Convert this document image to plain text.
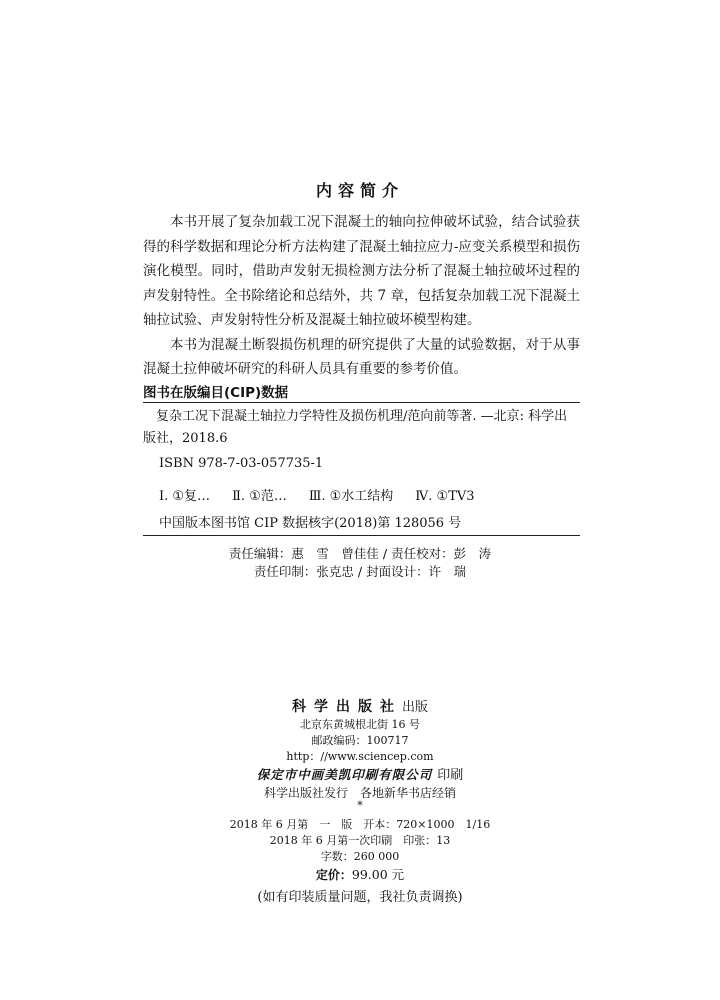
内容简介

本书开展了复杂加载工况下混凝土的轴向拉伸破坏试验，结合试验获得的科学数据和理论分析方法构建了混凝土轴拉应力-应变关系模型和损伤演化模型。同时，借助声发射无损检测方法分析了混凝土轴拉破坏过程的声发射特性。全书除绪论和总结外，共 7 章，包括复杂加载工况下混凝土轴拉试验、声发射特性分析及混凝土轴拉破坏模型构建。

本书为混凝土断裂损伤机理的研究提供了大量的试验数据，对于从事混凝土拉伸破坏研究的科研人员具有重要的参考价值。

图书在版编目(CIP)数据

复杂工况下混凝土轴拉力学特性及损伤机理/范向前等著. —北京: 科学出版社，2018.6

ISBN 978-7-03-057735-1
Ⅰ. ①复… Ⅱ. ①范… Ⅲ. ①水工结构 Ⅳ. ①TV3
中国版本图书馆 CIP 数据核字(2018)第 128056 号
责任编辑：惠　雪　曾佳佳 / 责任校对：彭　涛
责任印制：张克忠 / 封面设计：许　瑞
科学出版社出版
北京东黄城根北街 16 号
邮政编码：100717
http：//www.sciencep.com
保定市中画美凯印刷有限公司 印刷
科学出版社发行　各地新华书店经销
*
2018 年 6 月第　一　版　开本：720×1000　1/16
2018 年 6 月第一次印刷　印张：13
字数：260 000
定价：99.00 元
(如有印装质量问题，我社负责调换)
